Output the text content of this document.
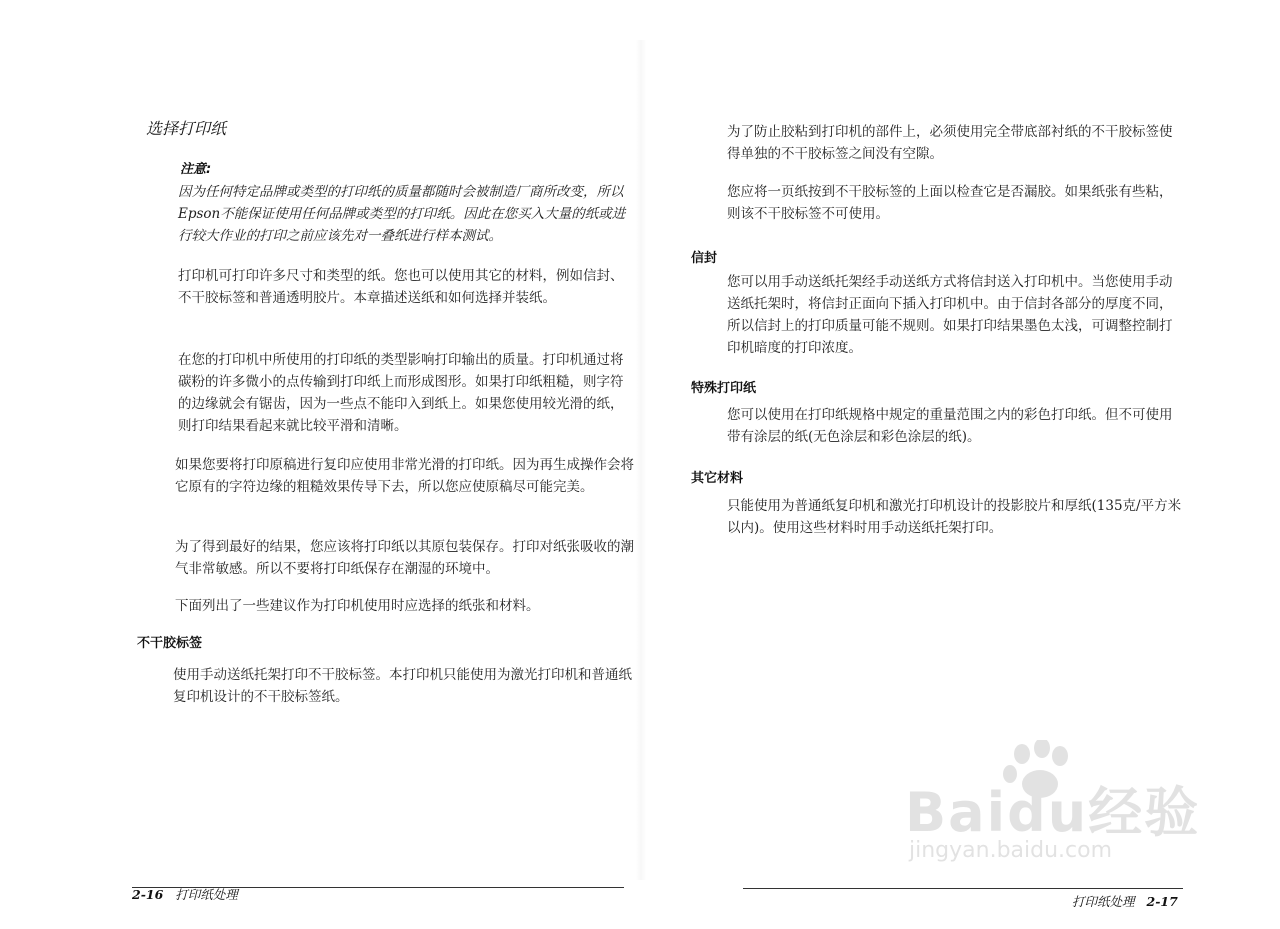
选择打印纸
注意:

因为任何特定品牌或类型的打印纸的质量都随时会被制造厂商所改变，所以Epson不能保证使用任何品牌或类型的打印纸。因此在您买入大量的纸或进行较大作业的打印之前应该先对一叠纸进行样本测试。

打印机可打印许多尺寸和类型的纸。您也可以使用其它的材料，例如信封、不干胶标签和普通透明胶片。本章描述送纸和如何选择并装纸。

在您的打印机中所使用的打印纸的类型影响打印输出的质量。打印机通过将碳粉的许多微小的点传输到打印纸上而形成图形。如果打印纸粗糙，则字符的边缘就会有锯齿，因为一些点不能印入到纸上。如果您使用较光滑的纸，则打印结果看起来就比较平滑和清晰。

如果您要将打印原稿进行复印应使用非常光滑的打印纸。因为再生成操作会将它原有的字符边缘的粗糙效果传导下去，所以您应使原稿尽可能完美。

为了得到最好的结果，您应该将打印纸以其原包装保存。打印对纸张吸收的潮气非常敏感。所以不要将打印纸保存在潮湿的环境中。

下面列出了一些建议作为打印机使用时应选择的纸张和材料。

不干胶标签

使用手动送纸托架打印不干胶标签。本打印机只能使用为激光打印机和普通纸复印机设计的不干胶标签纸。

2-16 打印纸处理

为了防止胶粘到打印机的部件上，必须使用完全带底部衬纸的不干胶标签使得单独的不干胶标签之间没有空隙。

您应将一页纸按到不干胶标签的上面以检查它是否漏胶。如果纸张有些粘，则该不干胶标签不可使用。

信封

您可以用手动送纸托架经手动送纸方式将信封送入打印机中。当您使用手动送纸托架时，将信封正面向下插入打印机中。由于信封各部分的厚度不同，所以信封上的打印质量可能不规则。如果打印结果墨色太浅，可调整控制打印机暗度的打印浓度。

特殊打印纸

您可以使用在打印纸规格中规定的重量范围之内的彩色打印纸。但不可使用带有涂层的纸(无色涂层和彩色涂层的纸)。

其它材料

只能使用为普通纸复印机和激光打印机设计的投影胶片和厚纸(135克/平方米以内)。使用这些材料时用手动送纸托架打印。

打印纸处理 2-17
Baidu经验
jingyan.baidu.com
